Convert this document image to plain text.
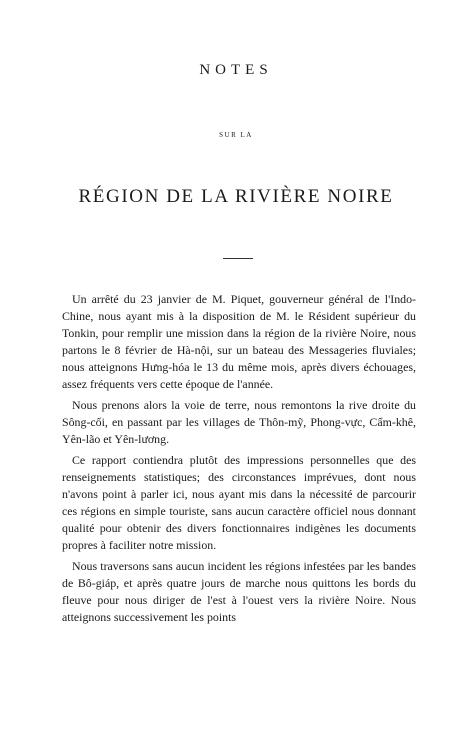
NOTES
SUR LA
RÉGION DE LA RIVIÈRE NOIRE

Un arrêté du 23 janvier de M. Piquet, gouverneur général de l'Indo-Chine, nous ayant mis à la disposition de M. le Résident supérieur du Tonkin, pour remplir une mission dans la région de la rivière Noire, nous partons le 8 février de Hà-nội, sur un bateau des Messageries fluviales; nous atteignons Hưng-hóa le 13 du même mois, après divers échouages, assez fréquents vers cette époque de l'année.

Nous prenons alors la voie de terre, nous remontons la rive droite du Sông-cối, en passant par les villages de Thôn-mỹ, Phong-vực, Cẩm-khê, Yên-lão et Yên-lương.

Ce rapport contiendra plutôt des impressions personnelles que des renseignements statistiques; des circonstances imprévues, dont nous n'avons point à parler ici, nous ayant mis dans la nécessité de parcourir ces régions en simple touriste, sans aucun caractère officiel nous donnant qualité pour obtenir des divers fonctionnaires indigènes les documents propres à faciliter notre mission.

Nous traversons sans aucun incident les régions infestées par les bandes de Bô-giáp, et après quatre jours de marche nous quittons les bords du fleuve pour nous diriger de l'est à l'ouest vers la rivière Noire. Nous atteignons successivement les points
